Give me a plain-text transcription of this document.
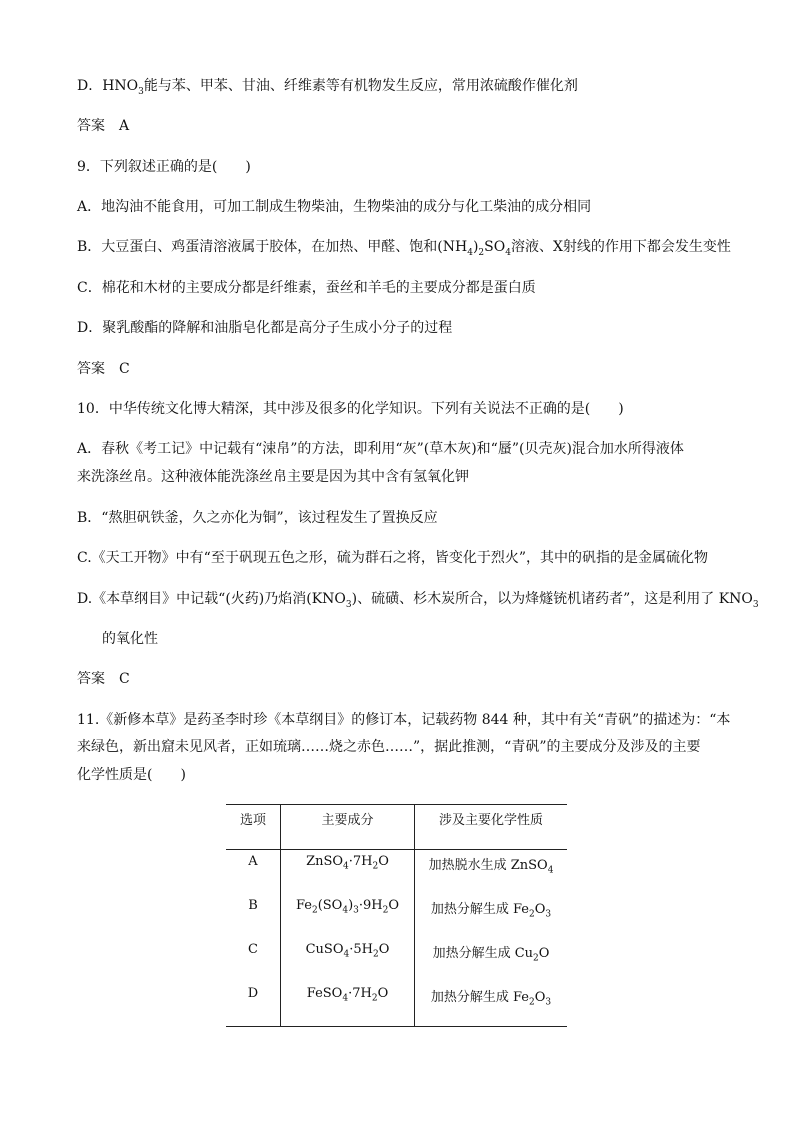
D．$HNO_3$能与苯、甲苯、甘油、纤维素等有机物发生反应，常用浓硫酸作催化剂
答案　A
9．下列叙述正确的是(　　)
A．地沟油不能食用，可加工制成生物柴油，生物柴油的成分与化工柴油的成分相同
B．大豆蛋白、鸡蛋清溶液属于胶体，在加热、甲醛、饱和$(NH_4)_2SO_4$溶液、X射线的作用下都会发生变性
C．棉花和木材的主要成分都是纤维素，蚕丝和羊毛的主要成分都是蛋白质
D．聚乳酸酯的降解和油脂皂化都是高分子生成小分子的过程
答案　C
10．中华传统文化博大精深，其中涉及很多的化学知识。下列有关说法不正确的是(　　)
A．春秋《考工记》中记载有“涑帛”的方法，即利用“灰”(草木灰)和“蜃”(贝壳灰)混合加水所得液体
来洗涤丝帛。这种液体能洗涤丝帛主要是因为其中含有氢氧化钾
B．“熬胆矾铁釜，久之亦化为铜”，该过程发生了置换反应
C.《天工开物》中有“至于矾现五色之形，硫为群石之将，皆变化于烈火”，其中的矾指的是金属硫化物
D.《本草纲目》中记载“(火药)乃焰消$(KNO_3)$、硫磺、杉木炭所合，以为烽燧铳机诸药者”，这是利用了 $KNO_3$
的氧化性
答案　C
11.《新修本草》是药圣李时珍《本草纲目》的修订本，记载药物 844 种，其中有关“青矾”的描述为：“本
来绿色，新出窟未见风者，正如琉璃……烧之赤色……”，据此推测，“青矾”的主要成分及涉及的主要
化学性质是(　　)
选项	主要成分	涉及主要化学性质
A	$ZnSO_4\cdot 7H_2O$	加热脱水生成 ZnSO$_4$
B	$Fe_2(SO_4)_3\cdot 9H_2O$	加热分解生成 $Fe_2O_3$
C	$CuSO_4\cdot 5H_2O$	加热分解生成 $Cu_2O$
D	$FeSO_4\cdot 7H_2O$	加热分解生成 $Fe_2O_3$
